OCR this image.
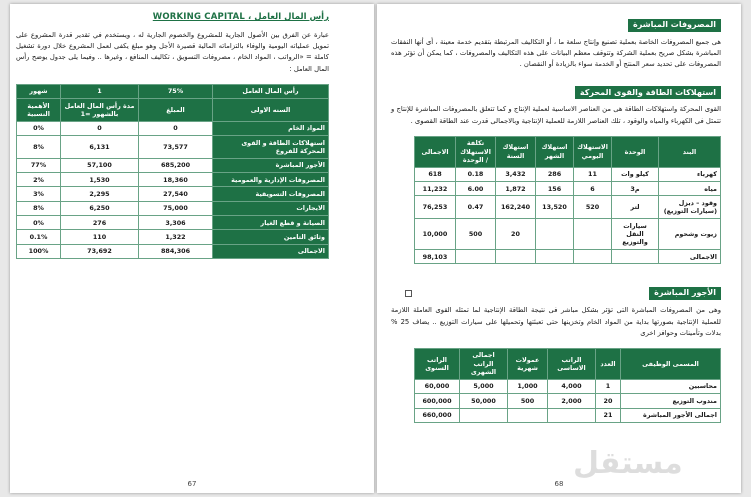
رأس المال العامل ، WORKING CAPITAL

عبارة عن الفرق بين الأصول الجارية للمشروع والخصوم الجارية له ، ويستخدم في تقدير قدرة المشروع على تمويل عملياته اليومية والوفاء بالتزاماته المالية قصيرة الأجل وهو مبلغ يكفى لعمل المشروع خلال دورة تشغيل كاملة = «الرواتب ، المواد الخام ، مصروفات التسويق ، تكاليف المنافع ، وغيرها .. وفيما يلى جدول يوضح رأس المال العامل :

رأس المال العامل	75%	1	شهور
السنه الاولى	المبلغ	مدة رأس المال العامل بالشهور =1	الأهمية النسبية
المواد الخام	0	0	0%
استهلاكات الطاقة و القوى المحركة للفروع	73,577	6,131	8%
الأجور المباشرة	685,200	57,100	77%
المصروفات الإدارية والعمومية	18,360	1,530	2%
المصروفات التسويقية	27,540	2,295	3%
الايجارات	75,000	6,250	8%
الصيانة و قطع الغيار	3,306	276	0%
وثائق التامين	1,322	110	0.1%
الاجمالى	884,306	73,692	100%
67
المصروفات المباشرة

هى جميع المصروفات الخاصة بعملية تصنيع وإنتاج سلعة ما ، أو التكاليف المرتبطة بتقديم خدمة معينة ، أى أنها النفقات المباشرة بشكل صريح بعملية الشركة وتتوقف معظم البيانات على هذه التكاليف والمصروفات ، كما يمكن أن تؤثر هذه المصروفات على تحديد سعر المنتج أو الخدمة سواء بالزيادة أو النقصان .

استهلاكات الطاقة والقوى المحركة

القوى المحركة واستهلاكات الطاقة هى من العناصر الاساسية لعملية الإنتاج و كما تتعلق بالمصروفات المباشرة للإنتاج و تتمثل فى الكهرباء والمياه والوقود ، تلك العناصر اللازمة للعملية الإنتاجية وبالاجمالى قدرت عند الطاقة القصوى .

البند	الوحدة	الاستهلاك اليومي	استهلاك الشهر	استهلاك السنة	تكلفة الاستهلاك / الوحدة	الاجمالى
كهرباء	كيلو وات	11	286	3,432	0.18	618
مياه	م3	6	156	1,872	6.00	11,232
وقود – ديزل (سيارات التوزيع)	لتر	520	13,520	162,240	0.47	76,253
زيوت وشحوم	سيارات النقل والتوزيع			20	500	10,000
الاجمالى						98,103
الأجور المباشرة

وهى من المصروفات المباشرة التى تؤثر بشكل مباشر فى نتيجة الطاقة الإنتاجية لما تمثله القوى العاملة اللازمة للعملية الإنتاجية بصورتها بداية من المواد الخام وتخزينها حتى تعبئتها وتحميلها على سيارات التوزيع .. يضاف 25 % بدلات وتأمينات وحوافز اخرى

المسمى الوظيفى	العدد	الراتب الاساسى	عمولات شهرية	اجمالى الراتب الشهرى	الراتب السنوى
محاسبين	1	4,000	1,000	5,000	60,000
مندوب التوزيع	20	2,000	500	50,000	600,000
اجمالى الأجور المباشرة	21				660,000
مستقل
68
